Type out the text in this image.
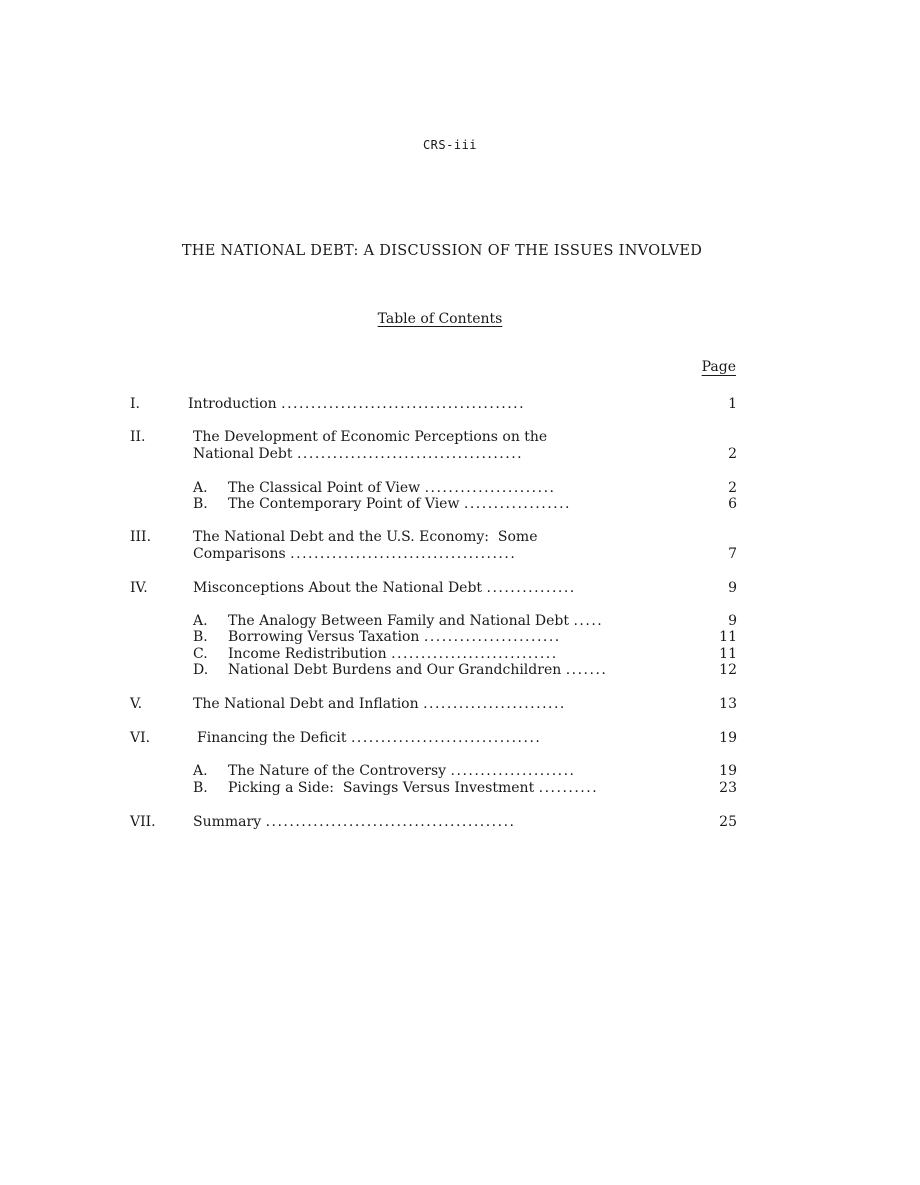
CRS-iii
THE NATIONAL DEBT: A DISCUSSION OF THE ISSUES INVOLVED
Table of Contents
Page
I.	Introduction .........................................	1
II.	The Development of Economic Perceptions on the
National Debt ......................................	2
A. The Classical Point of View ......................	2
B. The Contemporary Point of View ..................	6
III.	The National Debt and the U.S. Economy:  Some
Comparisons ......................................	7
IV.	Misconceptions About the National Debt ...............	9
A. The Analogy Between Family and National Debt .....	9
B. Borrowing Versus Taxation .......................	11
C. Income Redistribution ............................	11
D. National Debt Burdens and Our Grandchildren .......	12
V.	The National Debt and Inflation ........................	13
VI.	Financing the Deficit ................................	19
A. The Nature of the Controversy .....................	19
B. Picking a Side:  Savings Versus Investment ..........	23
VII.	Summary ..........................................	25
